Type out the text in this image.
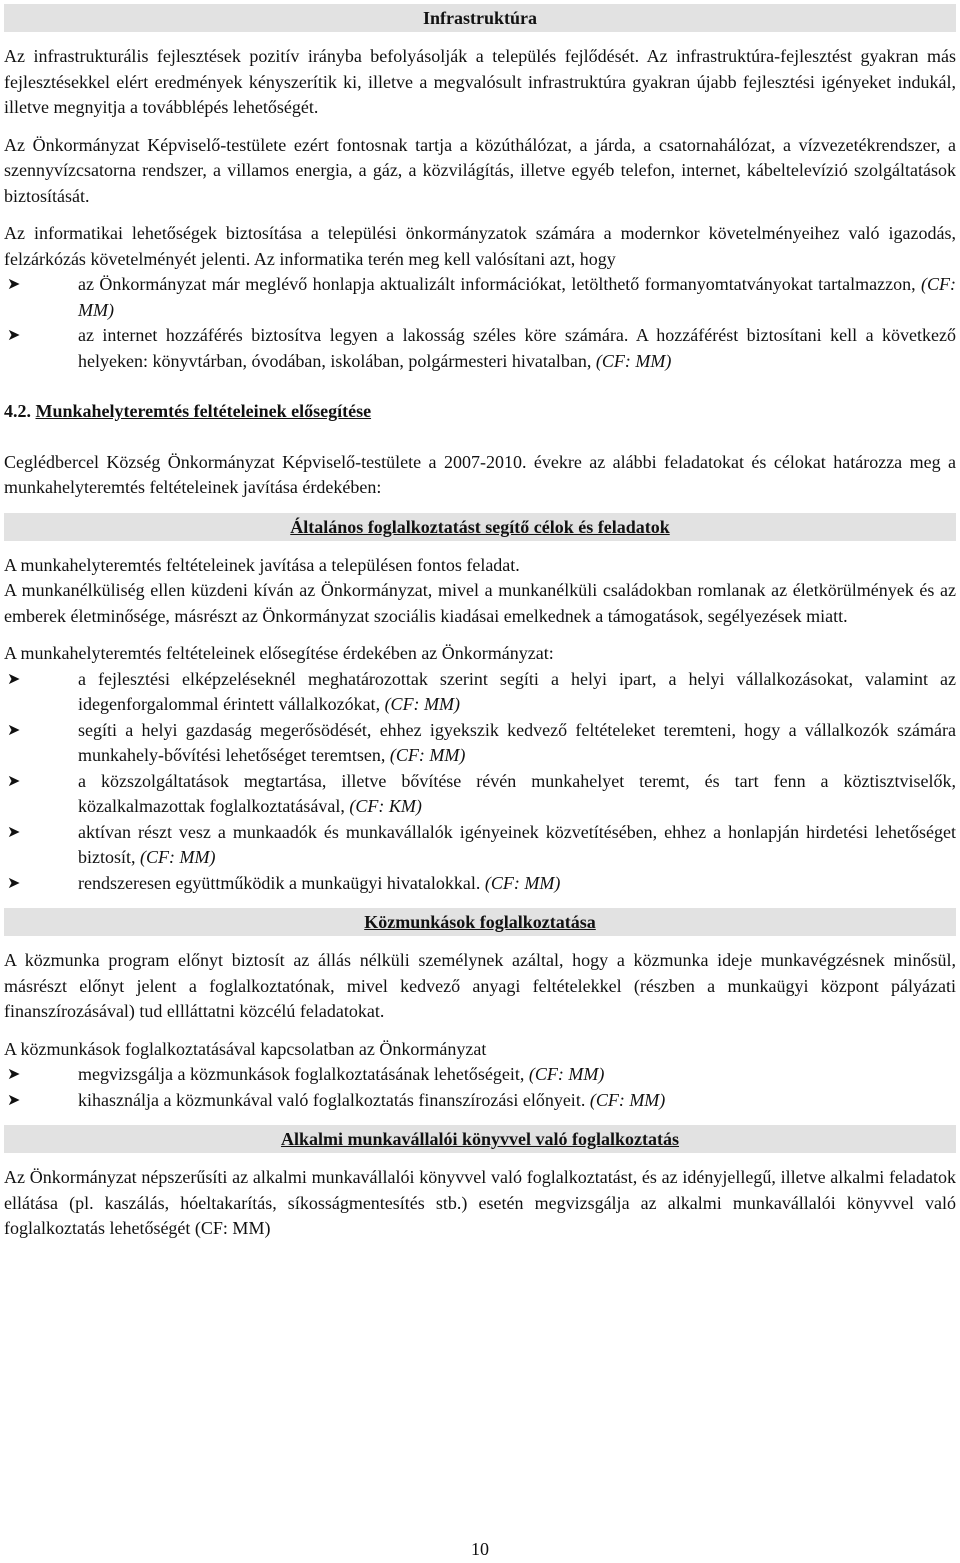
Infrastruktúra

Az infrastrukturális fejlesztések pozitív irányba befolyásolják a település fejlődését. Az infrastruktúra-fejlesztést gyakran más fejlesztésekkel elért eredmények kényszerítik ki, illetve a megvalósult infrastruktúra gyakran újabb fejlesztési igényeket indukál, illetve megnyitja a továbblépés lehetőségét.

Az Önkormányzat Képviselő-testülete ezért fontosnak tartja a közúthálózat, a járda, a csatornahálózat, a vízvezetékrendszer, a szennyvízcsatorna rendszer, a villamos energia, a gáz, a közvilágítás, illetve egyéb telefon, internet, kábeltelevízió szolgáltatások biztosítását.

Az informatikai lehetőségek biztosítása a települési önkormányzatok számára a modernkor követelményeihez való igazodás, felzárkózás követelményét jelenti. Az informatika terén meg kell valósítani azt, hogy

➤	az Önkormányzat már meglévő honlapja aktualizált információkat, letölthető formanyomtatványokat tartalmazzon, (CF: MM)
➤	az internet hozzáférés biztosítva legyen a lakosság széles köre számára. A hozzáférést biztosítani kell a következő helyeken: könyvtárban, óvodában, iskolában, polgármesteri hivatalban, (CF: MM)
4.2. Munkahelyteremtés feltételeinek elősegítése

Ceglédbercel Község Önkormányzat Képviselő-testülete a 2007-2010. évekre az alábbi feladatokat és célokat határozza meg a munkahelyteremtés feltételeinek javítása érdekében:

Általános foglalkoztatást segítő célok és feladatok

A munkahelyteremtés feltételeinek javítása a településen fontos feladat.

A munkanélküliség ellen küzdeni kíván az Önkormányzat, mivel a munkanélküli családokban romlanak az életkörülmények és az emberek életminősége, másrészt az Önkormányzat szociális kiadásai emelkednek a támogatások, segélyezések miatt.

A munkahelyteremtés feltételeinek elősegítése érdekében az Önkormányzat:

➤	a fejlesztési elképzeléseknél meghatározottak szerint segíti a helyi ipart, a helyi vállalkozásokat, valamint az idegenforgalommal érintett vállalkozókat, (CF: MM)
➤	segíti a helyi gazdaság megerősödését, ehhez igyekszik kedvező feltételeket teremteni, hogy a vállalkozók számára munkahely-bővítési lehetőséget teremtsen, (CF: MM)
➤	a közszolgáltatások megtartása, illetve bővítése révén munkahelyet teremt, és tart fenn a köztisztviselők, közalkalmazottak foglalkoztatásával, (CF: KM)
➤	aktívan részt vesz a munkaadók és munkavállalók igényeinek közvetítésében, ehhez a honlapján hirdetési lehetőséget biztosít, (CF: MM)
➤	rendszeresen együttműködik a munkaügyi hivatalokkal. (CF: MM)
Közmunkások foglalkoztatása

A közmunka program előnyt biztosít az állás nélküli személynek azáltal, hogy a közmunka ideje munkavégzésnek minősül, másrészt előnyt jelent a foglalkoztatónak, mivel kedvező anyagi feltételekkel (részben a munkaügyi központ pályázati finanszírozásával) tud ellláttatni közcélú feladatokat.

A közmunkások foglalkoztatásával kapcsolatban az Önkormányzat

➤	megvizsgálja a közmunkások foglalkoztatásának lehetőségeit, (CF: MM)
➤	kihasználja a közmunkával való foglalkoztatás finanszírozási előnyeit. (CF: MM)
Alkalmi munkavállalói könyvvel való foglalkoztatás

Az Önkormányzat népszerűsíti az alkalmi munkavállalói könyvvel való foglalkoztatást, és az idényjellegű, illetve alkalmi feladatok ellátása (pl. kaszálás, hóeltakarítás, síkosságmentesítés stb.) esetén megvizsgálja az alkalmi munkavállalói könyvvel való foglalkoztatás lehetőségét (CF: MM)

10
